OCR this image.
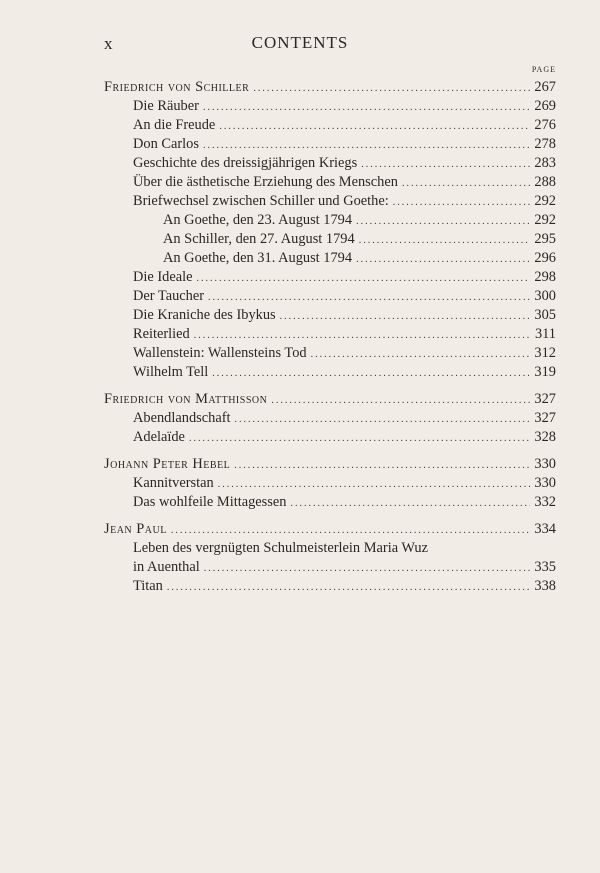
x	CONTENTS
PAGE
Friedrich von Schiller .....	267
Die Räuber .....	269
An die Freude .....	276
Don Carlos .....	278
Geschichte des dreissigjährigen Kriegs .....	283
Über die ästhetische Erziehung des Menschen .....	288
Briefwechsel zwischen Schiller und Goethe: .....	292
An Goethe, den 23. August 1794 .....	292
An Schiller, den 27. August 1794 .....	295
An Goethe, den 31. August 1794 .....	296
Die Ideale .....	298
Der Taucher .....	300
Die Kraniche des Ibykus .....	305
Reiterlied .....	311
Wallenstein: Wallensteins Tod .....	312
Wilhelm Tell .....	319
Friedrich von Matthisson .....	327
Abendlandschaft .....	327
Adelaïde .....	328
Johann Peter Hebel .....	330
Kannitverstan .....	330
Das wohlfeile Mittagessen .....	332
Jean Paul .....	334
Leben des vergnügten Schulmeisterlein Maria Wuz
in Auenthal .....	335
Titan .....	338
